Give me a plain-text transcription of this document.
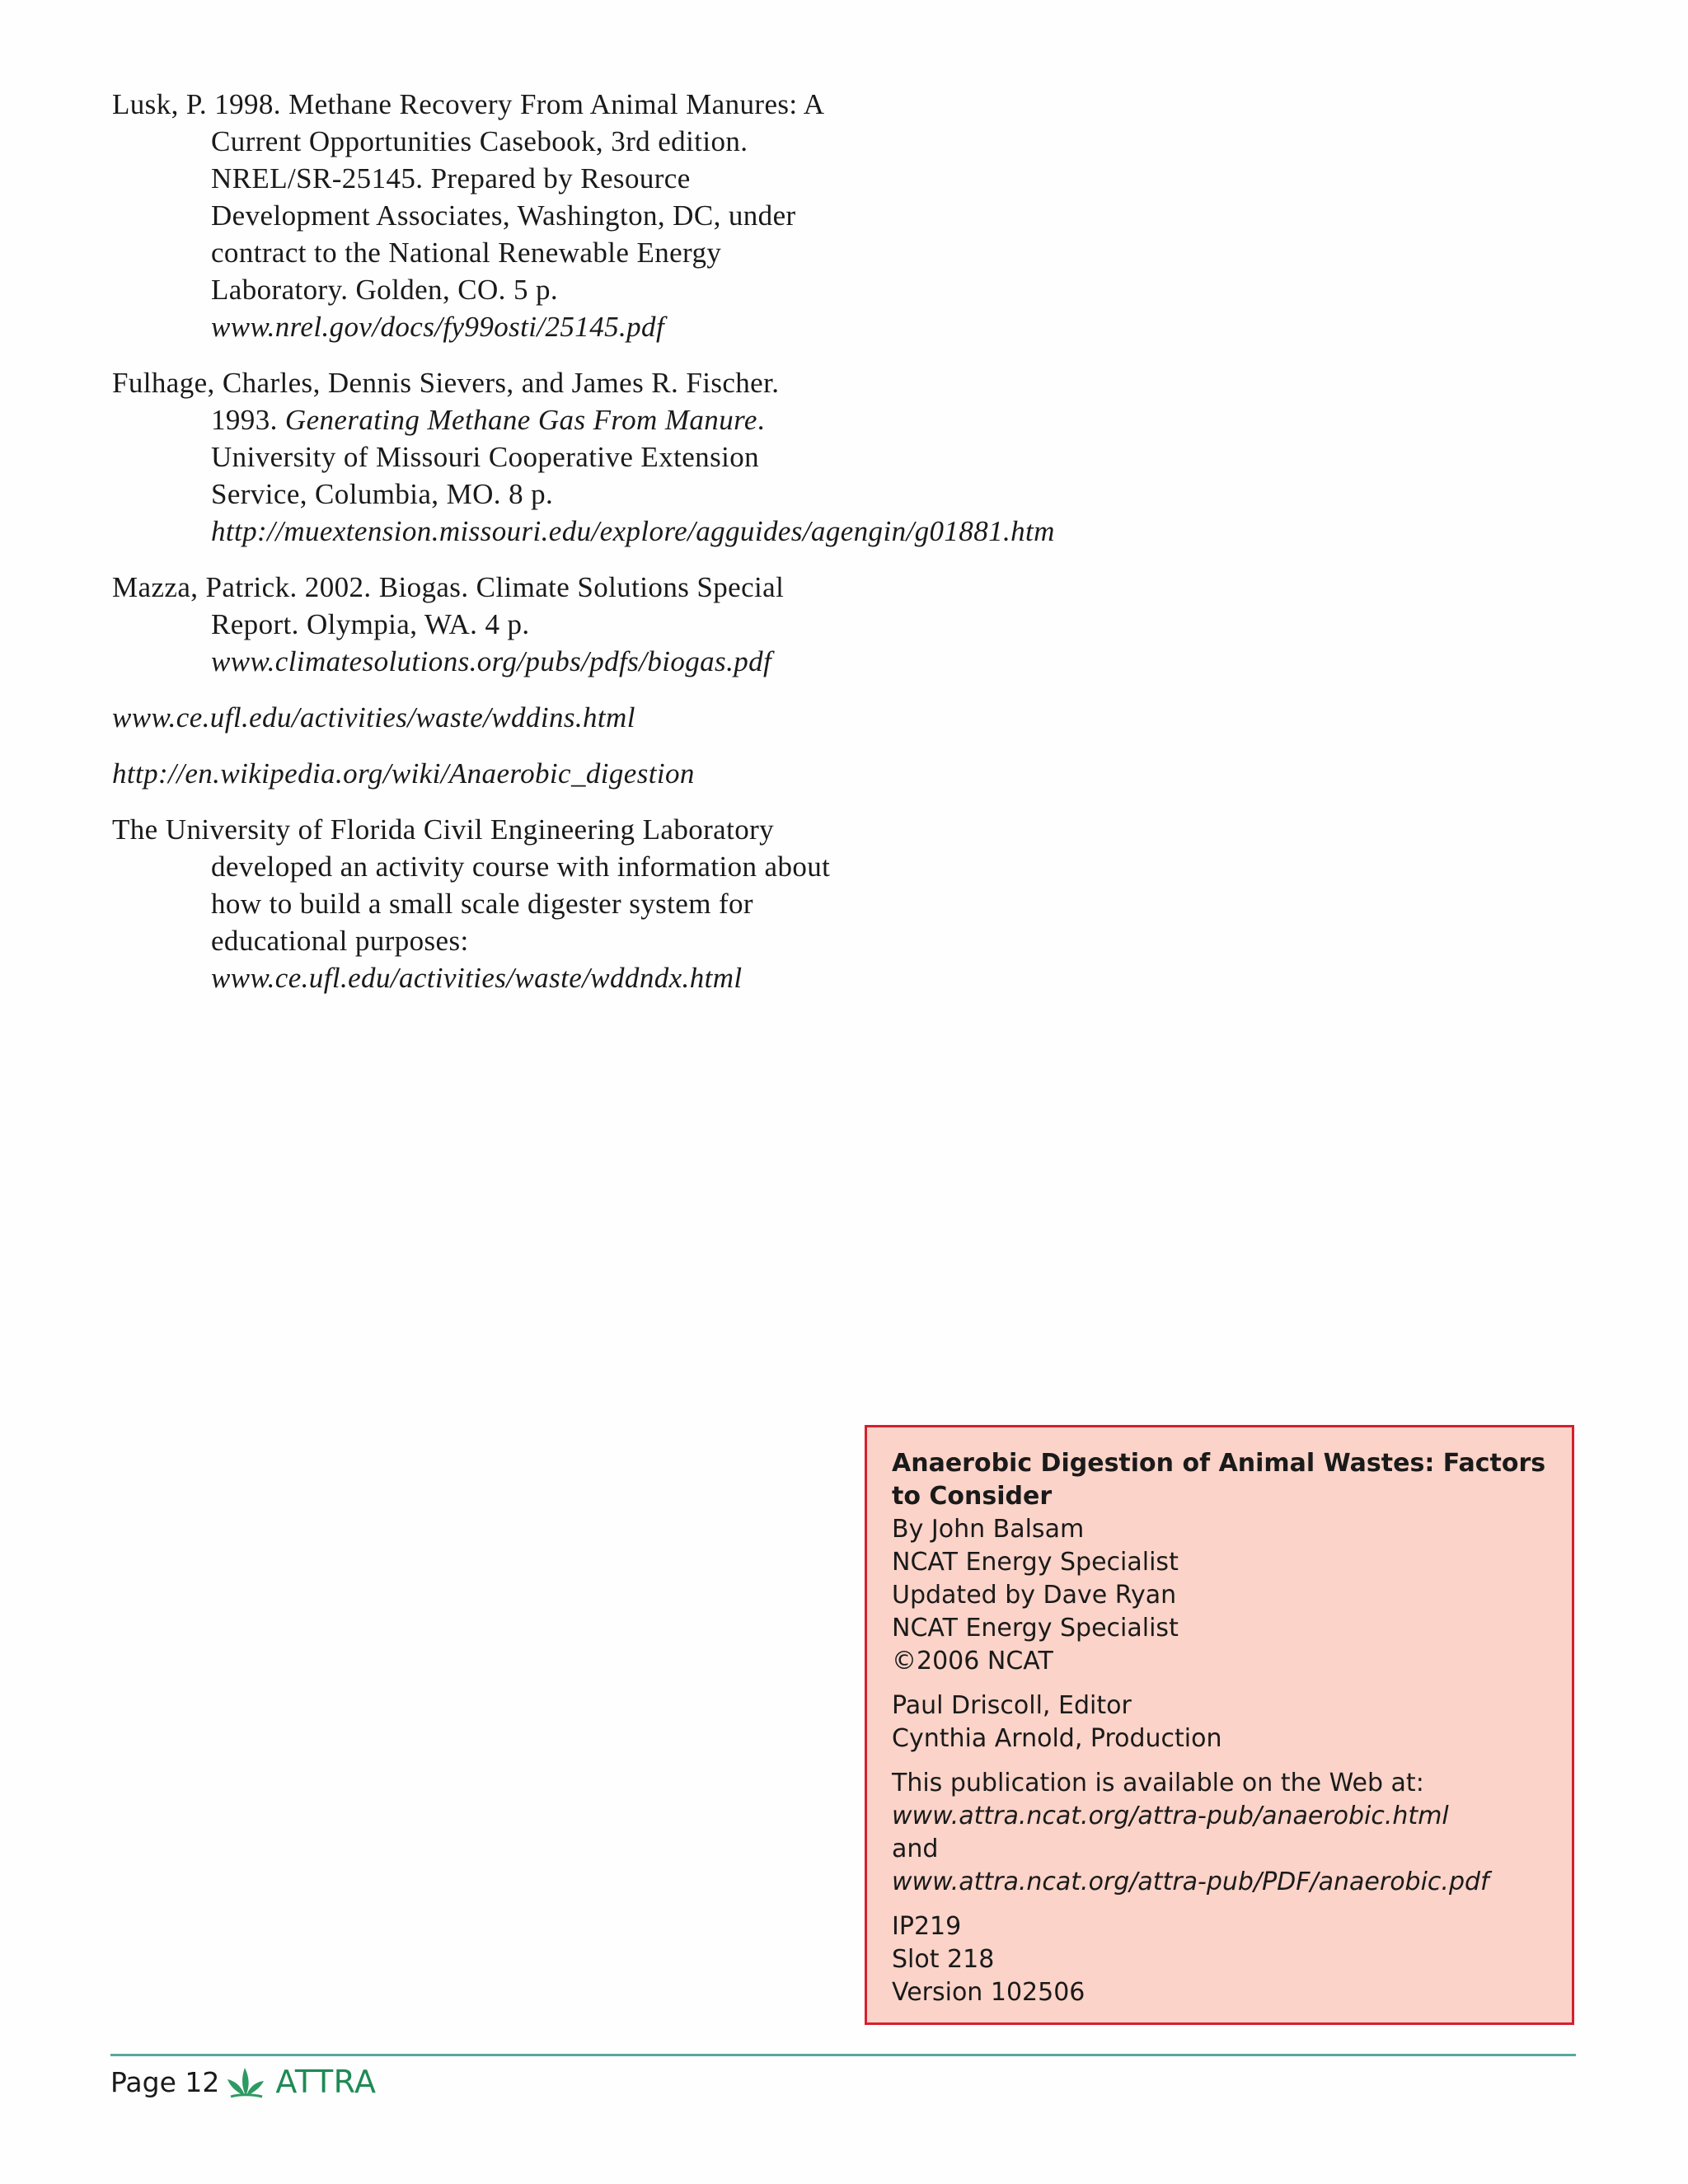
Lusk, P. 1998. Methane Recovery From Animal Manures: A Current Opportunities Casebook, 3rd edition. NREL/SR-25145. Prepared by Resource Development Associates, Washington, DC, under contract to the National Renewable Energy Laboratory. Golden, CO. 5 p. www.nrel.gov/docs/fy99osti/25145.pdf

Fulhage, Charles, Dennis Sievers, and James R. Fischer. 1993. Generating Methane Gas From Manure. University of Missouri Cooperative Extension Service, Columbia, MO. 8 p. http://muextension.missouri.edu/explore/agguides/agengin/g01881.htm

Mazza, Patrick. 2002. Biogas. Climate Solutions Special Report. Olympia, WA. 4 p. www.climatesolutions.org/pubs/pdfs/biogas.pdf

www.ce.ufl.edu/activities/waste/wddins.html

http://en.wikipedia.org/wiki/Anaerobic_digestion

The University of Florida Civil Engineering Laboratory developed an activity course with information about how to build a small scale digester system for educational purposes: www.ce.ufl.edu/activities/waste/wddndx.html

Anaerobic Digestion of Animal Wastes: Factors to Consider
By John Balsam
NCAT Energy Specialist
Updated by Dave Ryan
NCAT Energy Specialist
©2006 NCAT
Paul Driscoll, Editor
Cynthia Arnold, Production
This publication is available on the Web at:
www.attra.ncat.org/attra-pub/anaerobic.html
and
www.attra.ncat.org/attra-pub/PDF/anaerobic.pdf
IP219
Slot 218
Version 102506
Page 12 ATTRA
